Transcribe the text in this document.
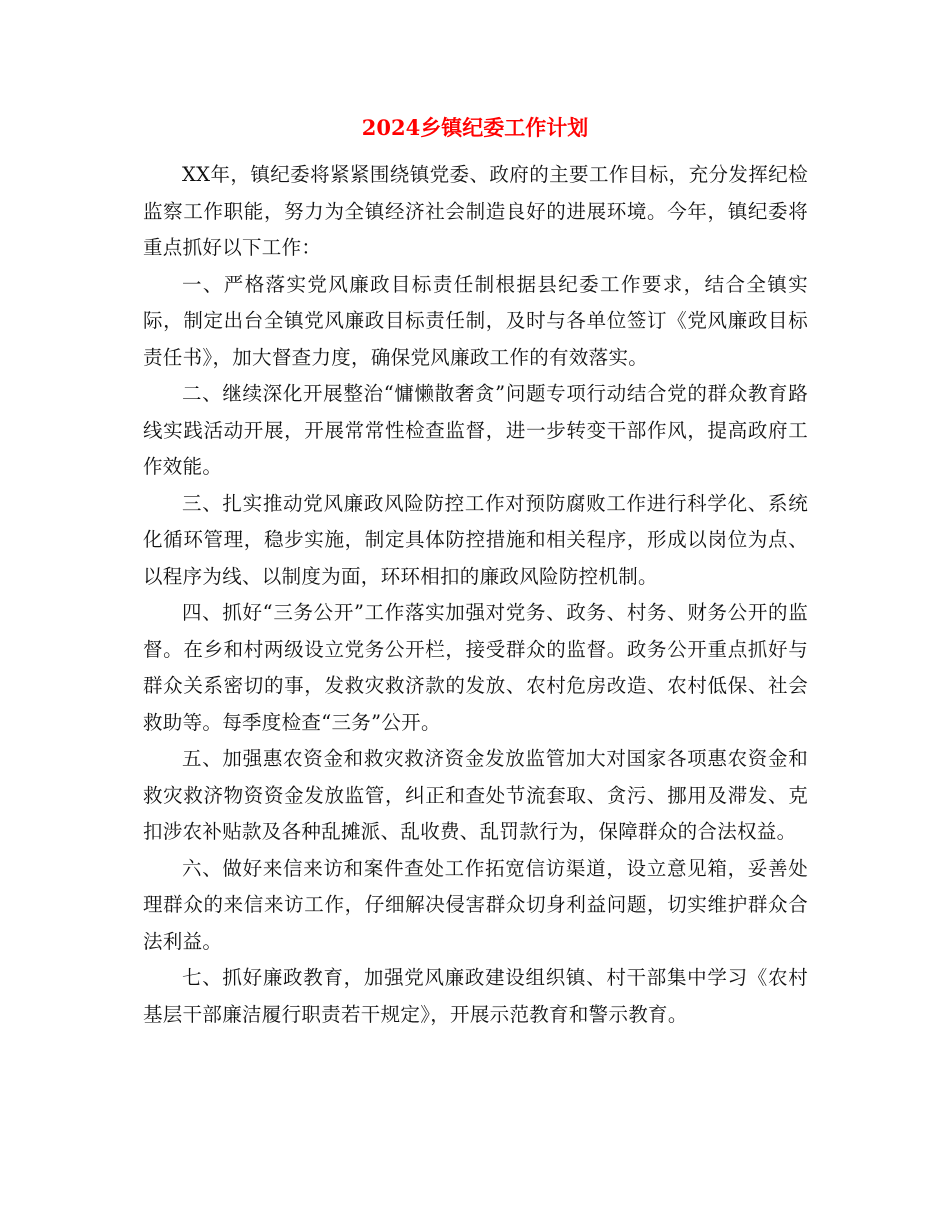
2024乡镇纪委工作计划

XX年，镇纪委将紧紧围绕镇党委、政府的主要工作目标，充分发挥纪检监察工作职能，努力为全镇经济社会制造良好的进展环境。今年，镇纪委将重点抓好以下工作：

一、严格落实党风廉政目标责任制根据县纪委工作要求，结合全镇实际，制定出台全镇党风廉政目标责任制，及时与各单位签订《党风廉政目标责任书》，加大督查力度，确保党风廉政工作的有效落实。

二、继续深化开展整治“慵懒散奢贪”问题专项行动结合党的群众教育路线实践活动开展，开展常常性检查监督，进一步转变干部作风，提高政府工作效能。

三、扎实推动党风廉政风险防控工作对预防腐败工作进行科学化、系统化循环管理，稳步实施，制定具体防控措施和相关程序，形成以岗位为点、以程序为线、以制度为面，环环相扣的廉政风险防控机制。

四、抓好“三务公开”工作落实加强对党务、政务、村务、财务公开的监督。在乡和村两级设立党务公开栏，接受群众的监督。政务公开重点抓好与群众关系密切的事，发救灾救济款的发放、农村危房改造、农村低保、社会救助等。每季度检查“三务”公开。

五、加强惠农资金和救灾救济资金发放监管加大对国家各项惠农资金和救灾救济物资资金发放监管，纠正和查处节流套取、贪污、挪用及滞发、克扣涉农补贴款及各种乱摊派、乱收费、乱罚款行为，保障群众的合法权益。

六、做好来信来访和案件查处工作拓宽信访渠道，设立意见箱，妥善处理群众的来信来访工作，仔细解决侵害群众切身利益问题，切实维护群众合法利益。

七、抓好廉政教育，加强党风廉政建设组织镇、村干部集中学习《农村基层干部廉洁履行职责若干规定》，开展示范教育和警示教育。
